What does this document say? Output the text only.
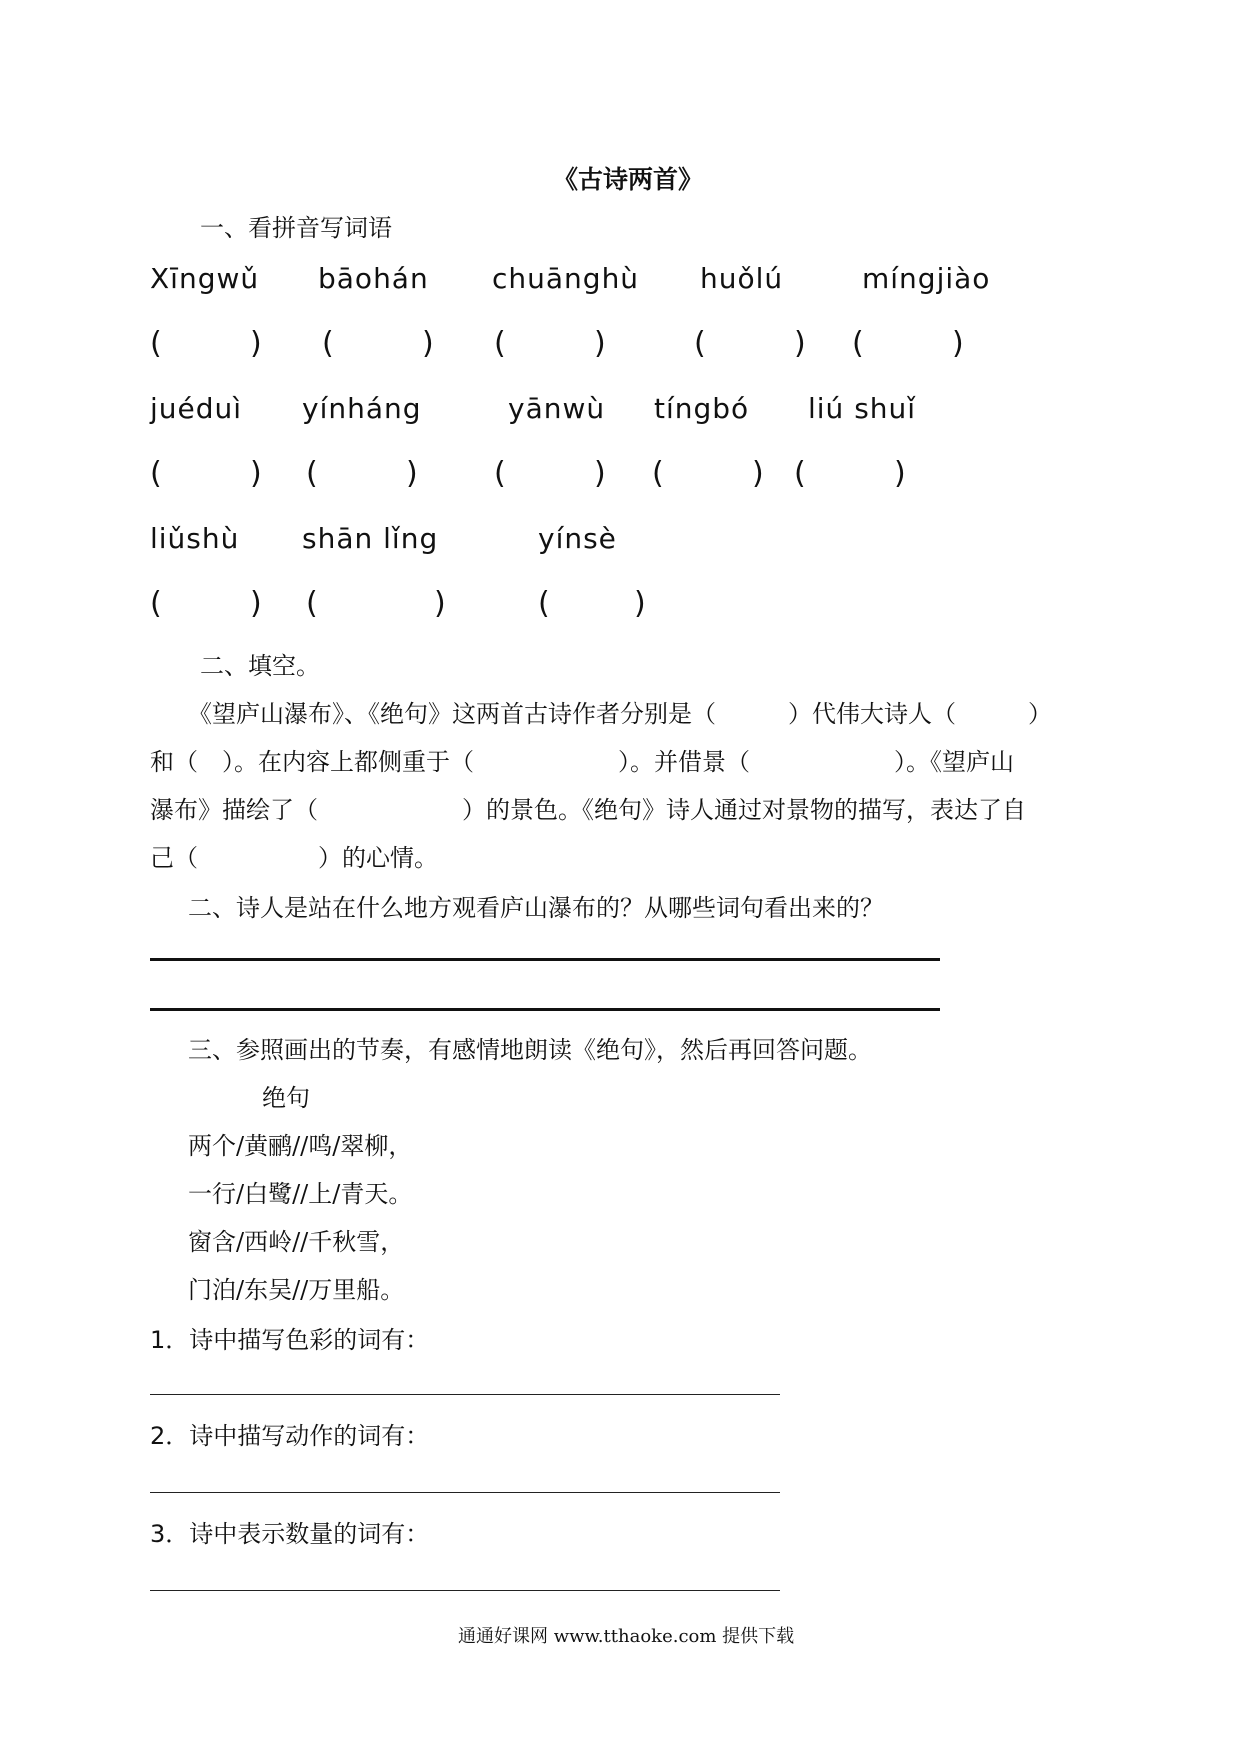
《古诗两首》
一、看拼音写词语
Xīngwǔ bāohán chuānghù huǒlú	míngjiào
(	) (	) (	)	(	) (	)
juéduì yínháng	yānwù tíngbó liú shuǐ
(	) (	)	(	) (	) (	)
liǔshù shān lǐng	yínsè
(	) (	)	(	)
二、填空。
《望庐山瀑布》、《绝句》这两首古诗作者分别是（　　　）代伟大诗人（　　　）
和（　）。在内容上都侧重于（　　　　　　）。并借景（　　　　　　）。《望庐山
瀑布》描绘了（　　　　　　）的景色。《绝句》诗人通过对景物的描写，表达了自
己（　　　　　）的心情。
二、诗人是站在什么地方观看庐山瀑布的？从哪些词句看出来的？
三、参照画出的节奏，有感情地朗读《绝句》，然后再回答问题。
绝句
两个/黄鹂//鸣/翠柳，
一行/白鹭//上/青天。
窗含/西岭//千秋雪，
门泊/东吴//万里船。
1．诗中描写色彩的词有：
2．诗中描写动作的词有：
3．诗中表示数量的词有：
通通好课网 www.tthaoke.com 提供下载
